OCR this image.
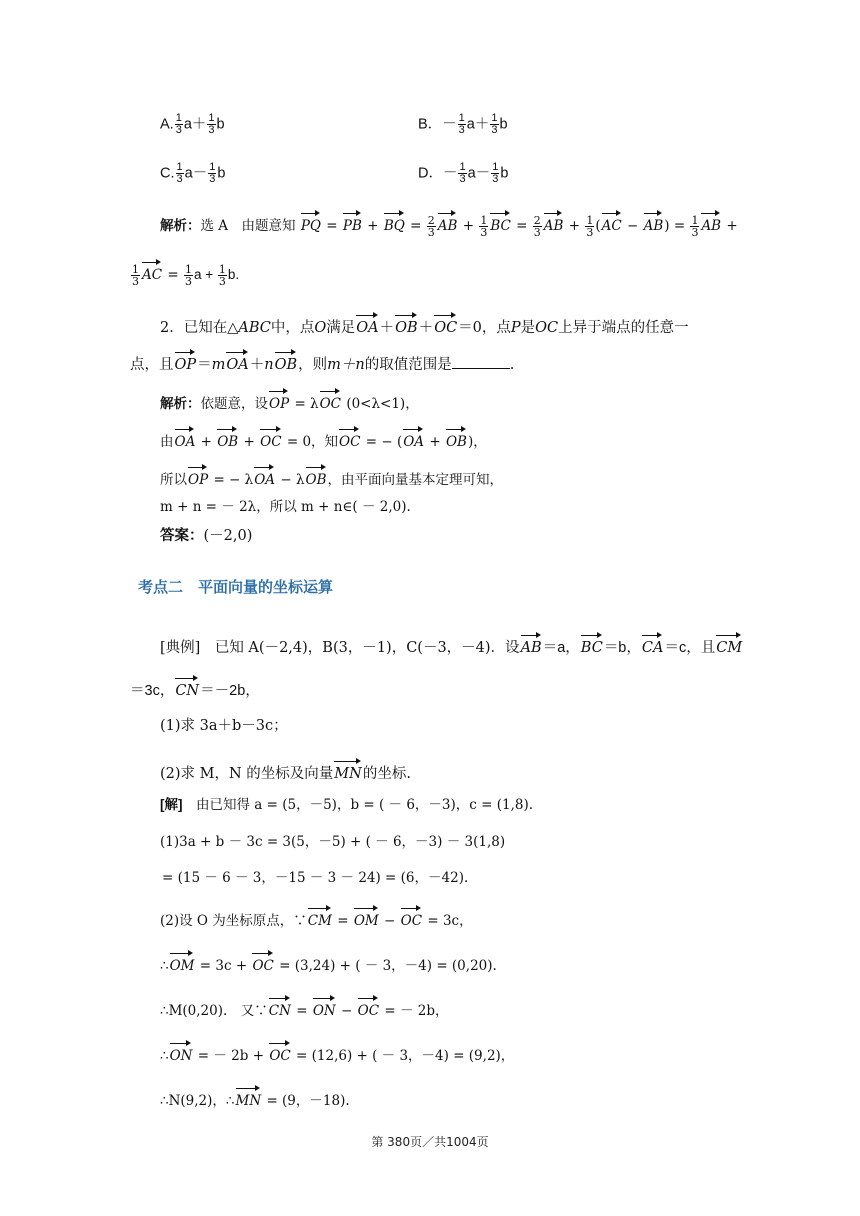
A. $\frac{1}{3} a+ \frac{1}{3}$ b	B．－ $\frac{1}{3} a+ \frac{1}{3}$ b
C. $\frac{1}{3} a- \frac{1}{3}$ b	D．－ $\frac{1}{3} a- \frac{1}{3}$ b
解析：选 A　由题意知 PQ = PB + BQ = $\frac{2}{3}$ AB + $\frac{1}{3}$ BC = $\frac{2}{3}$ AB + $\frac{1}{3} (AC - AB) = \frac{1}{3}$ AB +
$\frac{1}{3}$ AC = $\frac{1}{3}$ $a + \frac{1}{3} b$.
2．已知在△ABC中，点O满足OA＋OB＋OC＝0，点P是OC上异于端点的任意一
点，且OP＝mOA＋nOB，则m＋n的取值范围是	.
解析：依题意，设OP = λOC (0<λ<1)，
由OA + OB + OC = 0，知OC = − (OA + OB)，
所以OP = − λOA − λOB，由平面向量基本定理可知，
m + n = － 2λ，所以 m + n∈( － 2,0).
答案：(－2,0)
考点二　平面向量的坐标运算
[典例]　 已知 A(－2,4)，B(3，－1)，C(－3，－4)．设AB＝a，BC＝b，CA＝c，且CM
＝3c，CN＝－2b，
(1)求 3a＋b－3c；
(2)求 M，N 的坐标及向量MN的坐标.
[解]　 由已知得 a = (5，－5)，b = ( － 6，－3)，c = (1,8).
(1)3a + b － 3c = 3(5，－5) + ( － 6，－3) － 3(1,8)
= (15 － 6 － 3，－15 － 3 － 24) = (6，－42).
(2)设 O 为坐标原点，∵CM = OM − OC = 3c，
∴OM = 3c + OC = (3,24) + ( － 3，－4) = (0,20).
∴M(0,20).　又∵CN = ON − OC = － 2b，
∴ON = － 2b + OC = (12,6) + ( － 3，－4) = (9,2)，
∴N(9,2)，∴MN = (9，－18).
第 380页／共1004页
